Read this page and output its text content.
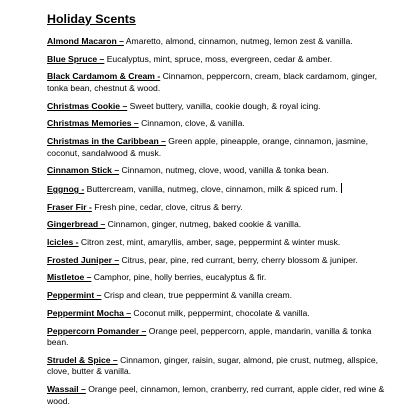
Holiday Scents
Almond Macaron – Amaretto, almond, cinnamon, nutmeg, lemon zest & vanilla.
Blue Spruce – Eucalyptus, mint, spruce, moss, evergreen, cedar & amber.
Black Cardamom & Cream - Cinnamon, peppercorn, cream, black cardamom, ginger, tonka bean, chestnut & wood.
Christmas Cookie – Sweet buttery, vanilla, cookie dough, & royal icing.
Christmas Memories – Cinnamon, clove, & vanilla.
Christmas in the Caribbean – Green apple, pineapple, orange, cinnamon, jasmine, coconut, sandalwood & musk.
Cinnamon Stick – Cinnamon, nutmeg, clove, wood, vanilla & tonka bean.
Eggnog - Buttercream, vanilla, nutmeg, clove, cinnamon, milk & spiced rum.
Fraser Fir - Fresh pine, cedar, clove, citrus & berry.
Gingerbread – Cinnamon, ginger, nutmeg, baked cookie & vanilla.
Icicles - Citron zest, mint, amaryllis, amber, sage, peppermint & winter musk.
Frosted Juniper – Citrus, pear, pine, red currant, berry, cherry blossom & juniper.
Mistletoe – Camphor, pine, holly berries, eucalyptus & fir.
Peppermint – Crisp and clean, true peppermint & vanilla cream.
Peppermint Mocha – Coconut milk, peppermint, chocolate & vanilla.
Peppercorn Pomander – Orange peel, peppercorn, apple, mandarin, vanilla & tonka bean.
Strudel & Spice – Cinnamon, ginger, raisin, sugar, almond, pie crust, nutmeg, allspice, clove, butter & vanilla.
Wassail – Orange peel, cinnamon, lemon, cranberry, red currant, apple cider, red wine & wood.
